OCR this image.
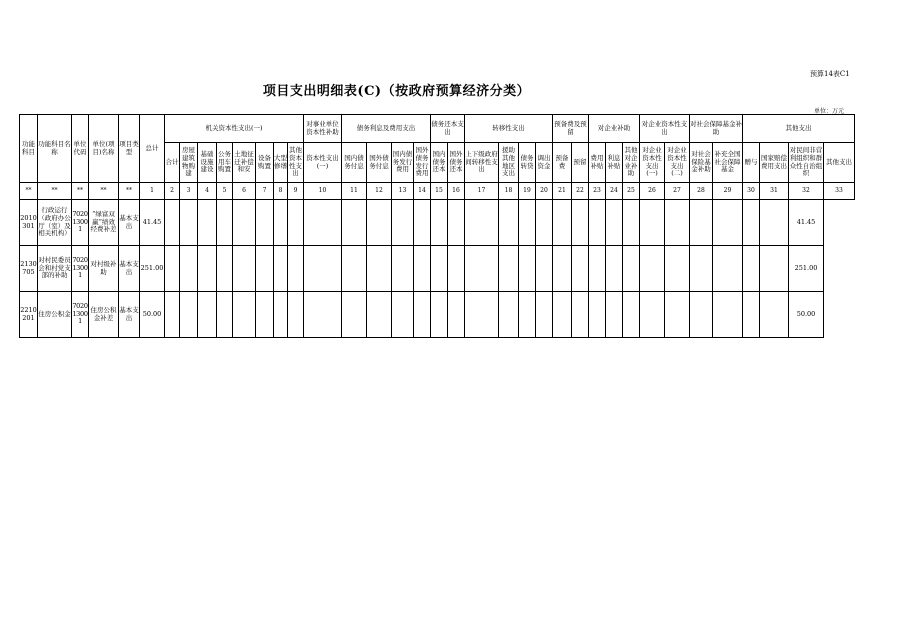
预算14表C1
项目支出明细表(C)（按政府预算经济分类）
单位：万元
功能科目	功能科目名称	单位代码	单位(项目)名称	项目类型	总计	机关资本性支出(一)								对事业单位资本性补助	债务利息及费用支出				债务还本支出		转移性支出				预备费及预留		对企业补助			对企业资本性支出		对社会保障基金补助		其他支出			
						合计	房屋建筑物购建	基础设施建设	公务用车购置	土地征迁补偿和安	设备购置	大型修缮	其他资本性支出	资本性支出(一)	国内债务付息	国外债务付息	国内债务发行费用	国外债务发行费用	国内债务还本	国外债务还本	上下级政府间转移性支出	援助其他地区支出	债务转贷	调出资金	预备费	预留	费用补贴	利息补贴	其他对企业补助	对企业资本性支出(一)	对企业资本性支出(二)	对社会保险基金补助	补充全国社会保障基金	赠与	国家赔偿费用支出	对民间非营利组织和群众性自治组织	其他支出
**	**	**	**	**	1	2	3	4	5	6	7	8	9	10	11	12	13	14	15	16	17	18	19	20	21	22	23	24	25	26	27	28	29	30	31	32	33
2010301	行政运行（政府办公厅（室）及相关机构）	70201300 1	“绿富双赢”绩效经费补差	基本支出	41.45																															41.45	
2130705	对村民委员会和村党支部的补助	70201300 1	对村级补助	基本支出	251.00																															251.00	
2210201	住房公积金	70201300 1	住房公积金补差	基本支出	50.00																															50.00	
